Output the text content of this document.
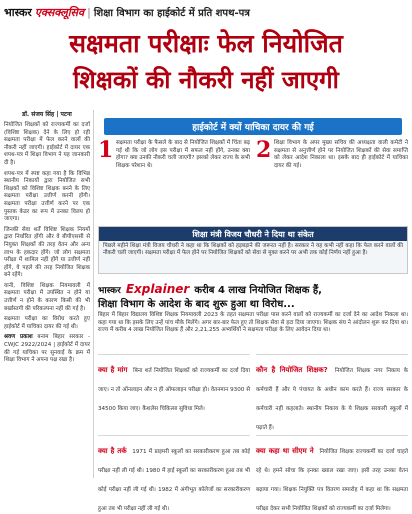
भास्कर एक्सक्लूसिव | शिक्षा विभाग का हाईकोर्ट में प्रति शपथ-पत्र
सक्षमता परीक्षाः फेल नियोजित
शिक्षकों की नौकरी नहीं जाएगी
डॉ. संजय सिंह | पटना

नियोजित शिक्षकों को राज्यकर्मी का दर्जा (विशिष्ट शिक्षक) देने के लिए हो रही सक्षमता परीक्षा में फेल करने वालों की नौकरी नहीं जाएगी। हाईकोर्ट में दायर एक शपथ-पत्र में शिक्षा विभाग ने यह जानकारी दी है।

शपथ-पत्र में स्पष्ट कहा गया है कि विभिन्न स्थानीय निकायों द्वारा नियोजित सभी शिक्षकों को विशिष्ट शिक्षक बनने के लिए सक्षमता परीक्षा उत्तीर्ण करनी होगी। सक्षमता परीक्षा उत्तीर्ण करने पर एक पुस्तक केडर का रूप में उनका विलय हो जाएगा।

जिनकी सेवा शर्तें विशिष्ट शिक्षक नियमों द्वारा निर्धारित होंगी और वे बीपीएससी से नियुक्त शिक्षकों की तरह वेतन और अन्य लाभ के हकदार होंगे। जो लोग सक्षमता परीक्षा में शामिल नहीं होंगे या उत्तीर्ण नहीं होंगे, वे पहले की तरह नियोजित शिक्षक बने रहेंगे।

यानी, विशिष्ट शिक्षक नियमावली में सक्षमता परीक्षा में उपस्थित न होने या उत्तीर्ण न होने के कारण किसी की भी बर्खास्तगी की परिकल्पना नहीं की गई है।

सक्षमता परीक्षा का विरोध करते हुए हाईकोर्ट में याचिका दायर की गई थी।

श्रवण प्रकाश बनाम बिहार सरकार - CWJC 2922/2024 | हाईकोर्ट में दायर की गई याचिका पर सुनवाई के क्रम में शिक्षा विभाग ने अपना पक्ष रखा है।

हाईकोर्ट में क्यों याचिका दायर की गई
1 सक्षमता परीक्षा के फैसले के बाद से नियोजित शिक्षकों में चिंता बढ़ गई थी कि जो लोग इस परीक्षा में सफल नहीं होंगे, उनका क्या होगा? क्या उनकी नौकरी चली जाएगी? इसको लेकर राज्य के सभी शिक्षक परेशान थे।

2 शिक्षा विभाग के अपर मुख्य सचिव की अध्यक्षता वाली कमेटी ने सक्षमता से अनुत्तीर्ण होने पर नियोजित शिक्षकों की सेवा समाप्ति को लेकर आदेश निकाला था। इसके बाद ही हाईकोर्ट में याचिका दायर की गई।

शिक्षा मंत्री विजय चौधरी ने दिया था संकेत

पिछले महीने शिक्षा मंत्री विजय चौधरी ने कहा था कि शिक्षकों को हड़बड़ाने की जरूरत नहीं है। सरकार ने यह कभी नहीं कहा कि फेल करने वालों की नौकरी चली जाएगी। सक्षमता परीक्षा में फेल होने पर नियोजित शिक्षकों को सेवा से मुक्त करने पर अभी तक कोई निर्णय नहीं हुआ है।

भास्कर Explainer करीब 4 लाख नियोजित शिक्षक हैं,
शिक्षा विभाग के आदेश के बाद शुरू हुआ था विरोध...

बिहार में बिहार विद्यालय विशिष्ट शिक्षक नियमावली 2023 के तहत सक्षमता परीक्षा पास करने वालों को राज्यकर्मी का दर्जा देने का आदेश निकला था। कहा गया था कि इसके लिए उन्हें पांच मौके मिलेंगे। अगर बार-बार फेल हुए तो शिक्षक सेवा से हटा दिया जाएगा। शिक्षक संघ ने आंदोलन शुरू कर दिया था। राज्य में करीब 4 लाख नियोजित शिक्षक हैं और 2,21,255 अभ्यर्थियों ने सक्षमता परीक्षा के लिए आवेदन दिया था।

क्या है मांग बिना शर्त नियोजित शिक्षकों को राज्यकर्मी का दर्जा दिया जाए। न तो ऑनलाइन और न ही ऑफलाइन परीक्षा हो। वेतनमान 9300 से 34500 किया जाए। कैशलेस चिकित्सा सुविधा मिले।

कौन है नियोजित शिक्षक? नियोजित शिक्षक नगर निकाय के कर्मचारी हैं और ये पंचायत के अधीन काम करते हैं। राज्य सरकार के कर्मचारी नहीं कहलाते। स्थानीय निकाय के ये शिक्षक सरकारी स्कूलों में पढ़ाते हैं।

क्या है तर्क 1971 में प्राइमरी स्कूलों का सरकारीकरण हुआ तब कोई परीक्षा नहीं ली गई थी। 1980 में हाई स्कूलों का सरकारीकरण हुआ तब भी कोई परीक्षा नहीं ली गई थी। 1982 में अंगीभूत कॉलेजों का सरकारीकरण हुआ तब भी परीक्षा नहीं ली गई थी।

क्या कहा था सीएम ने नियोजित शिक्षक राज्यकर्मी का दर्जा चाहते रहे थे। हमने सोचा कि इनका ख्याल रखा जाए। इसी तरह उनका वेतन बढ़ाया गया। शिक्षक नियुक्ति पत्र वितरण समारोह में कहा था कि सक्षमता परीक्षा देकर सभी नियोजित शिक्षकों को राज्यकर्मी का दर्जा मिलेगा।
